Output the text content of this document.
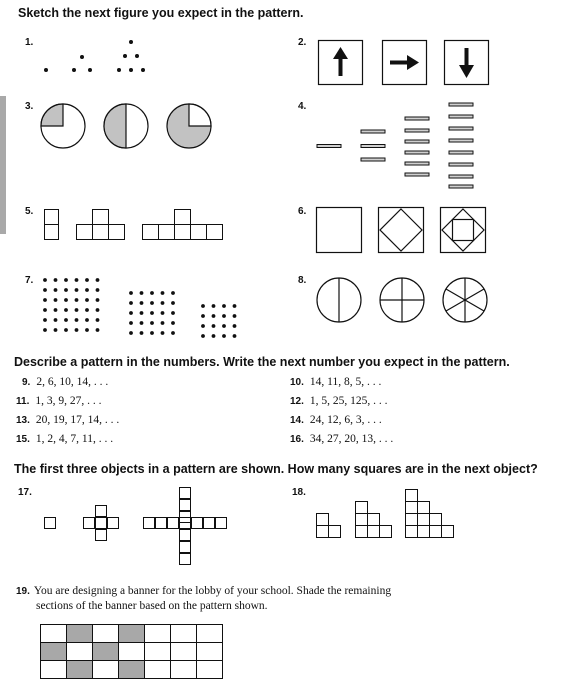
Sketch the next figure you expect in the pattern.
1.	2.
3.	4.
5.	6.
7.	8.
Describe a pattern in the numbers. Write the next number you expect in the pattern.
9. 2, 6, 10, 14, . . .	10. 14, 11, 8, 5, . . .
11. 1, 3, 9, 27, . . .	12. 1, 5, 25, 125, . . .
13. 20, 19, 17, 14, . . .	14. 24, 12, 6, 3, . . .
15. 1, 2, 4, 7, 11, . . .	16. 34, 27, 20, 13, . . .
The first three objects in a pattern are shown. How many squares are in the next object?
17.	18.
19. You are designing a banner for the lobby of your school. Shade the remaining
sections of the banner based on the pattern shown.
